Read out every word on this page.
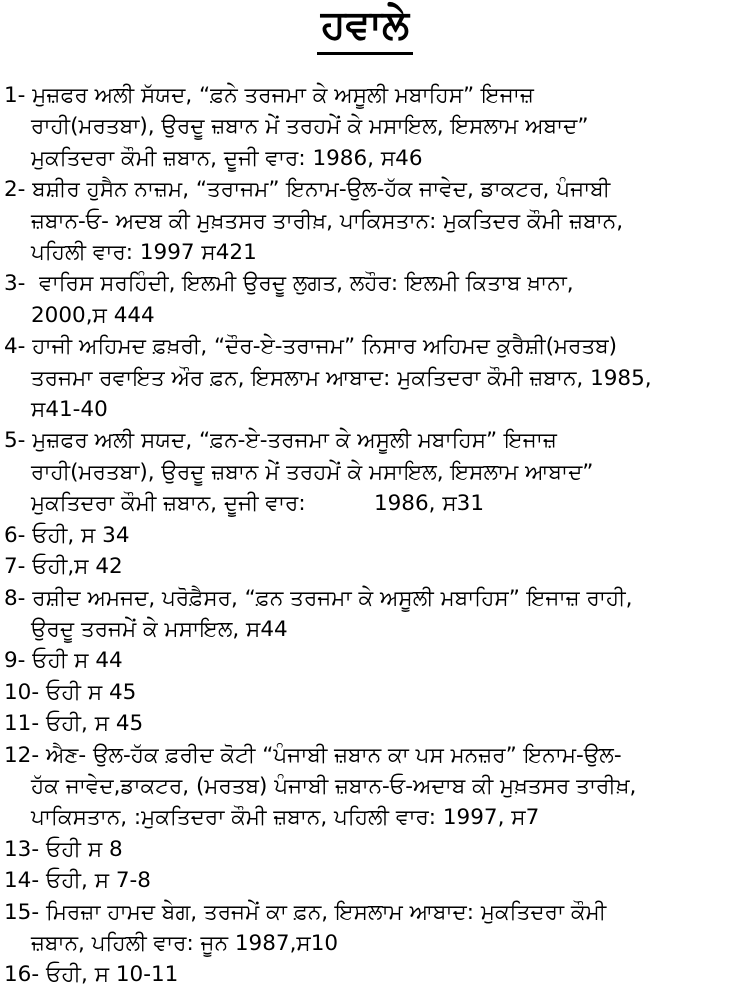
ਹਵਾਲੇ
1- ਮੁਜ਼ਫਰ ਅਲੀ ਸੱਯਦ, “ਫ਼ਨੇ ਤਰਜਮਾ ਕੇ ਅਸੂਲੀ ਮਬਾਹਿਸ” ਇਜਾਜ਼
ਰਾਹੀ(ਮਰਤਬਾ), ਉਰਦੂ ਜ਼ਬਾਨ ਮੇਂ ਤਰਹਮੇਂ ਕੇ ਮਸਾਇਲ, ਇਸਲਾਮ ਅਬਾਦ”
ਮੁਕਤਿਦਰਾ ਕੌਮੀ ਜ਼ਬਾਨ, ਦੂਜੀ ਵਾਰ: 1986, ਸ46
2- ਬਸ਼ੀਰ ਹੁਸੈਨ ਨਾਜ਼ਮ, “ਤਰਾਜਮ” ਇਨਾਮ-ਉਲ-ਹੱਕ ਜਾਵੇਦ, ਡਾਕਟਰ, ਪੰਜਾਬੀ
ਜ਼ਬਾਨ-ਓ- ਅਦਬ ਕੀ ਮੁਖ਼ਤਸਰ ਤਾਰੀਖ਼, ਪਾਕਿਸਤਾਨ: ਮੁਕਤਿਦਰ ਕੌਮੀ ਜ਼ਬਾਨ,
ਪਹਿਲੀ ਵਾਰ: 1997 ਸ421
3- ਵਾਰਿਸ ਸਰਹਿੰਦੀ, ਇਲਮੀ ਉਰਦੂ ਲੁਗਤ, ਲਹੌਰ: ਇਲਮੀ ਕਿਤਾਬ ਖ਼ਾਨਾ,
2000,ਸ 444
4- ਹਾਜੀ ਅਹਿਮਦ ਫ਼ਖ਼ਰੀ, “ਦੌਰ-ਏ-ਤਰਾਜਮ” ਨਿਸਾਰ ਅਹਿਮਦ ਕੁਰੈਸ਼ੀ(ਮਰਤਬ)
ਤਰਜਮਾ ਰਵਾਇਤ ਔਰ ਫ਼ਨ, ਇਸਲਾਮ ਆਬਾਦ: ਮੁਕਤਿਦਰਾ ਕੌਮੀ ਜ਼ਬਾਨ, 1985,
ਸ41-40
5- ਮੁਜ਼ਫਰ ਅਲੀ ਸਯਦ, “ਫ਼ਨ-ਏ-ਤਰਜਮਾ ਕੇ ਅਸੂਲੀ ਮਬਾਹਿਸ” ਇਜਾਜ਼
ਰਾਹੀ(ਮਰਤਬਾ), ਉਰਦੂ ਜ਼ਬਾਨ ਮੇਂ ਤਰਹਮੇਂ ਕੇ ਮਸਾਇਲ, ਇਸਲਾਮ ਆਬਾਦ”
ਮੁਕਤਿਦਰਾ ਕੌਮੀ ਜ਼ਬਾਨ, ਦੂਜੀ ਵਾਰ:          1986, ਸ31
6- ਓਹੀ, ਸ 34
7- ਓਹੀ,ਸ 42
8- ਰਸ਼ੀਦ ਅਮਜਦ, ਪਰੋਫ਼ੈਸਰ, “ਫ਼ਨ ਤਰਜਮਾ ਕੇ ਅਸੂਲੀ ਮਬਾਹਿਸ” ਇਜਾਜ਼ ਰਾਹੀ,
ਉਰਦੂ ਤਰਜਮੇਂ ਕੇ ਮਸਾਇਲ, ਸ44
9- ਓਹੀ ਸ 44
10- ਓਹੀ ਸ 45
11- ਓਹੀ, ਸ 45
12- ਐਣ- ਉਲ-ਹੱਕ ਫ਼ਰੀਦ ਕੋਟੀ “ਪੰਜਾਬੀ ਜ਼ਬਾਨ ਕਾ ਪਸ ਮਨਜ਼ਰ” ਇਨਾਮ-ਉਲ-
ਹੱਕ ਜਾਵੇਦ,ਡਾਕਟਰ, (ਮਰਤਬ) ਪੰਜਾਬੀ ਜ਼ਬਾਨ-ਓ-ਅਦਾਬ ਕੀ ਮੁਖ਼ਤਸਰ ਤਾਰੀਖ਼,
ਪਾਕਿਸਤਾਨ, :ਮੁਕਤਿਦਰਾ ਕੌਮੀ ਜ਼ਬਾਨ, ਪਹਿਲੀ ਵਾਰ: 1997, ਸ7
13- ਓਹੀ ਸ 8
14- ਓਹੀ, ਸ 7-8
15- ਮਿਰਜ਼ਾ ਹਾਮਦ ਬੇਗ, ਤਰਜਮੇਂ ਕਾ ਫ਼ਨ, ਇਸਲਾਮ ਆਬਾਦ: ਮੁਕਤਿਦਰਾ ਕੌਮੀ
ਜ਼ਬਾਨ, ਪਹਿਲੀ ਵਾਰ: ਜੂਨ 1987,ਸ10
16- ਓਹੀ, ਸ 10-11
